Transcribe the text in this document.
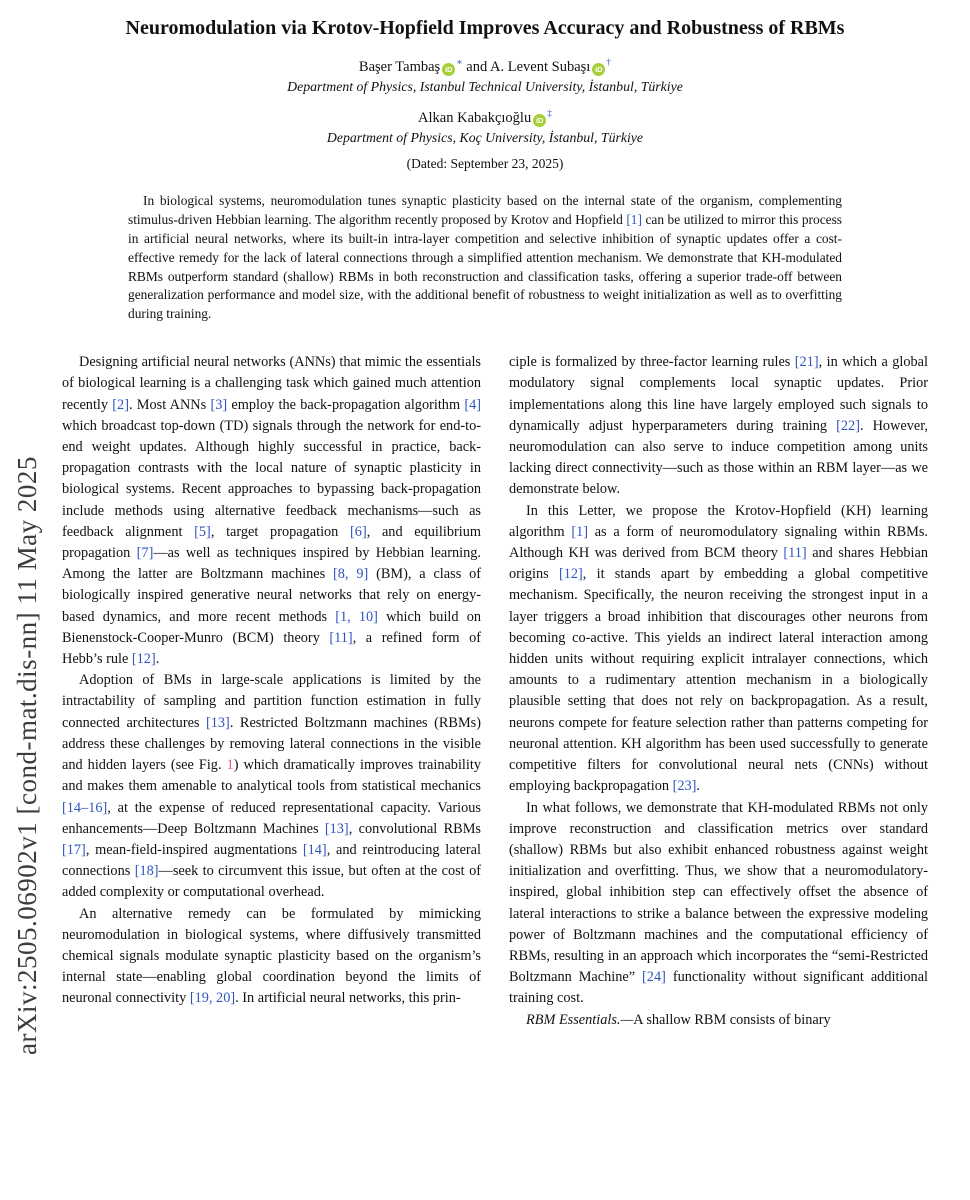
arXiv:2505.06902v1 [cond-mat.dis-nn] 11 May 2025
Neuromodulation via Krotov-Hopfield Improves Accuracy and Robustness of RBMs
Başer Tambaş iD∗ and A. Levent Subaşı iD†
Department of Physics, Istanbul Technical University, İstanbul, Türkiye
Alkan Kabakçıoğlu iD‡
Department of Physics, Koç University, İstanbul, Türkiye
(Dated: September 23, 2025)
In biological systems, neuromodulation tunes synaptic plasticity based on the internal state of the organism, complementing stimulus-driven Hebbian learning. The algorithm recently proposed by Krotov and Hopfield [1] can be utilized to mirror this process in artificial neural networks, where its built-in intra-layer competition and selective inhibition of synaptic updates offer a cost-effective remedy for the lack of lateral connections through a simplified attention mechanism. We demonstrate that KH-modulated RBMs outperform standard (shallow) RBMs in both reconstruction and classification tasks, offering a superior trade-off between generalization performance and model size, with the additional benefit of robustness to weight initialization as well as to overfitting during training.

Designing artificial neural networks (ANNs) that mimic the essentials of biological learning is a challenging task which gained much attention recently [2]. Most ANNs [3] employ the back-propagation algorithm [4] which broadcast top-down (TD) signals through the network for end-to-end weight updates. Although highly successful in practice, back-propagation contrasts with the local nature of synaptic plasticity in biological systems. Recent approaches to bypassing back-propagation include methods using alternative feedback mechanisms—such as feedback alignment [5], target propagation [6], and equilibrium propagation [7]—as well as techniques inspired by Hebbian learning. Among the latter are Boltzmann machines [8, 9] (BM), a class of biologically inspired generative neural networks that rely on energy-based dynamics, and more recent methods [1, 10] which build on Bienenstock-Cooper-Munro (BCM) theory [11], a refined form of Hebb’s rule [12].

Adoption of BMs in large-scale applications is limited by the intractability of sampling and partition function estimation in fully connected architectures [13]. Restricted Boltzmann machines (RBMs) address these challenges by removing lateral connections in the visible and hidden layers (see Fig. 1) which dramatically improves trainability and makes them amenable to analytical tools from statistical mechanics [14–16], at the expense of reduced representational capacity. Various enhancements—Deep Boltzmann Machines [13], convolutional RBMs [17], mean-field-inspired augmentations [14], and reintroducing lateral connections [18]—seek to circumvent this issue, but often at the cost of added complexity or computational overhead.

An alternative remedy can be formulated by mimicking neuromodulation in biological systems, where diffusively transmitted chemical signals modulate synaptic plasticity based on the organism’s internal state—enabling global coordination beyond the limits of neuronal connectivity [19, 20]. In artificial neural networks, this prin-

ciple is formalized by three-factor learning rules [21], in which a global modulatory signal complements local synaptic updates. Prior implementations along this line have largely employed such signals to dynamically adjust hyperparameters during training [22]. However, neuromodulation can also serve to induce competition among units lacking direct connectivity—such as those within an RBM layer—as we demonstrate below.

In this Letter, we propose the Krotov-Hopfield (KH) learning algorithm [1] as a form of neuromodulatory signaling within RBMs. Although KH was derived from BCM theory [11] and shares Hebbian origins [12], it stands apart by embedding a global competitive mechanism. Specifically, the neuron receiving the strongest input in a layer triggers a broad inhibition that discourages other neurons from becoming co-active. This yields an indirect lateral interaction among hidden units without requiring explicit intralayer connections, which amounts to a rudimentary attention mechanism in a biologically plausible setting that does not rely on backpropagation. As a result, neurons compete for feature selection rather than patterns competing for neuronal attention. KH algorithm has been used successfully to generate competitive filters for convolutional neural nets (CNNs) without employing backpropagation [23].

In what follows, we demonstrate that KH-modulated RBMs not only improve reconstruction and classification metrics over standard (shallow) RBMs but also exhibit enhanced robustness against weight initialization and overfitting. Thus, we show that a neuromodulatory-inspired, global inhibition step can effectively offset the absence of lateral interactions to strike a balance between the expressive modeling power of Boltzmann machines and the computational efficiency of RBMs, resulting in an approach which incorporates the “semi-Restricted Boltzmann Machine” [24] functionality without significant additional training cost.

RBM Essentials.—A shallow RBM consists of binary
